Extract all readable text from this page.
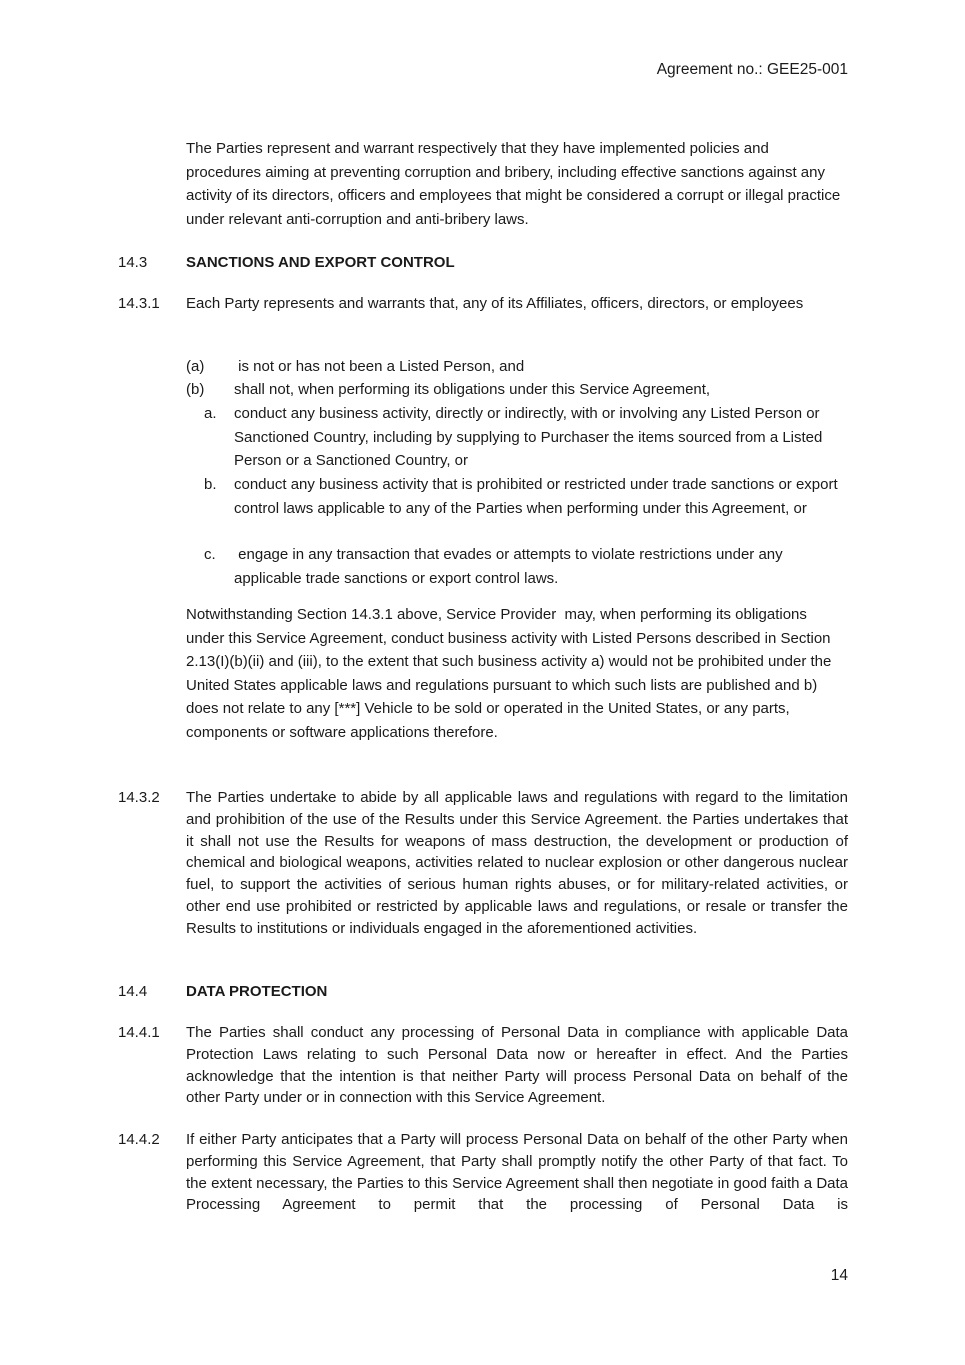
Agreement no.: GEE25-001
The Parties represent and warrant respectively that they have implemented policies and procedures aiming at preventing corruption and bribery, including effective sanctions against any activity of its directors, officers and employees that might be considered a corrupt or illegal practice under relevant anti-corruption and anti-bribery laws.
14.3	SANCTIONS AND EXPORT CONTROL
14.3.1 Each Party represents and warrants that, any of its Affiliates, officers, directors, or employees
(a) is not or has not been a Listed Person, and
(b) shall not, when performing its obligations under this Service Agreement,
a. conduct any business activity, directly or indirectly, with or involving any Listed Person or Sanctioned Country, including by supplying to Purchaser the items sourced from a Listed Person or a Sanctioned Country, or
b. conduct any business activity that is prohibited or restricted under trade sanctions or export control laws applicable to any of the Parties when performing under this Agreement, or
c. engage in any transaction that evades or attempts to violate restrictions under any applicable trade sanctions or export control laws.
Notwithstanding Section 14.3.1 above, Service Provider  may, when performing its obligations under this Service Agreement, conduct business activity with Listed Persons described in Section 2.13(I)(b)(ii) and (iii), to the extent that such business activity a) would not be prohibited under the United States applicable laws and regulations pursuant to which such lists are published and b) does not relate to any [***] Vehicle to be sold or operated in the United States, or any parts, components or software applications therefore.
14.3.2 The Parties undertake to abide by all applicable laws and regulations with regard to the limitation and prohibition of the use of the Results under this Service Agreement. the Parties undertakes that it shall not use the Results for weapons of mass destruction, the development or production of chemical and biological weapons, activities related to nuclear explosion or other dangerous nuclear fuel, to support the activities of serious human rights abuses, or for military-related activities, or other end use prohibited or restricted by applicable laws and regulations, or resale or transfer the Results to institutions or individuals engaged in the aforementioned activities.
14.4	DATA PROTECTION
14.4.1 The Parties shall conduct any processing of Personal Data in compliance with applicable Data Protection Laws relating to such Personal Data now or hereafter in effect. And the Parties acknowledge that the intention is that neither Party will process Personal Data on behalf of the other Party under or in connection with this Service Agreement.
14.4.2 If either Party anticipates that a Party will process Personal Data on behalf of the other Party when performing this Service Agreement, that Party shall promptly notify the other Party of that fact. To the extent necessary, the Parties to this Service Agreement shall then negotiate in good faith a Data Processing Agreement to permit that the processing of Personal Data is
14
